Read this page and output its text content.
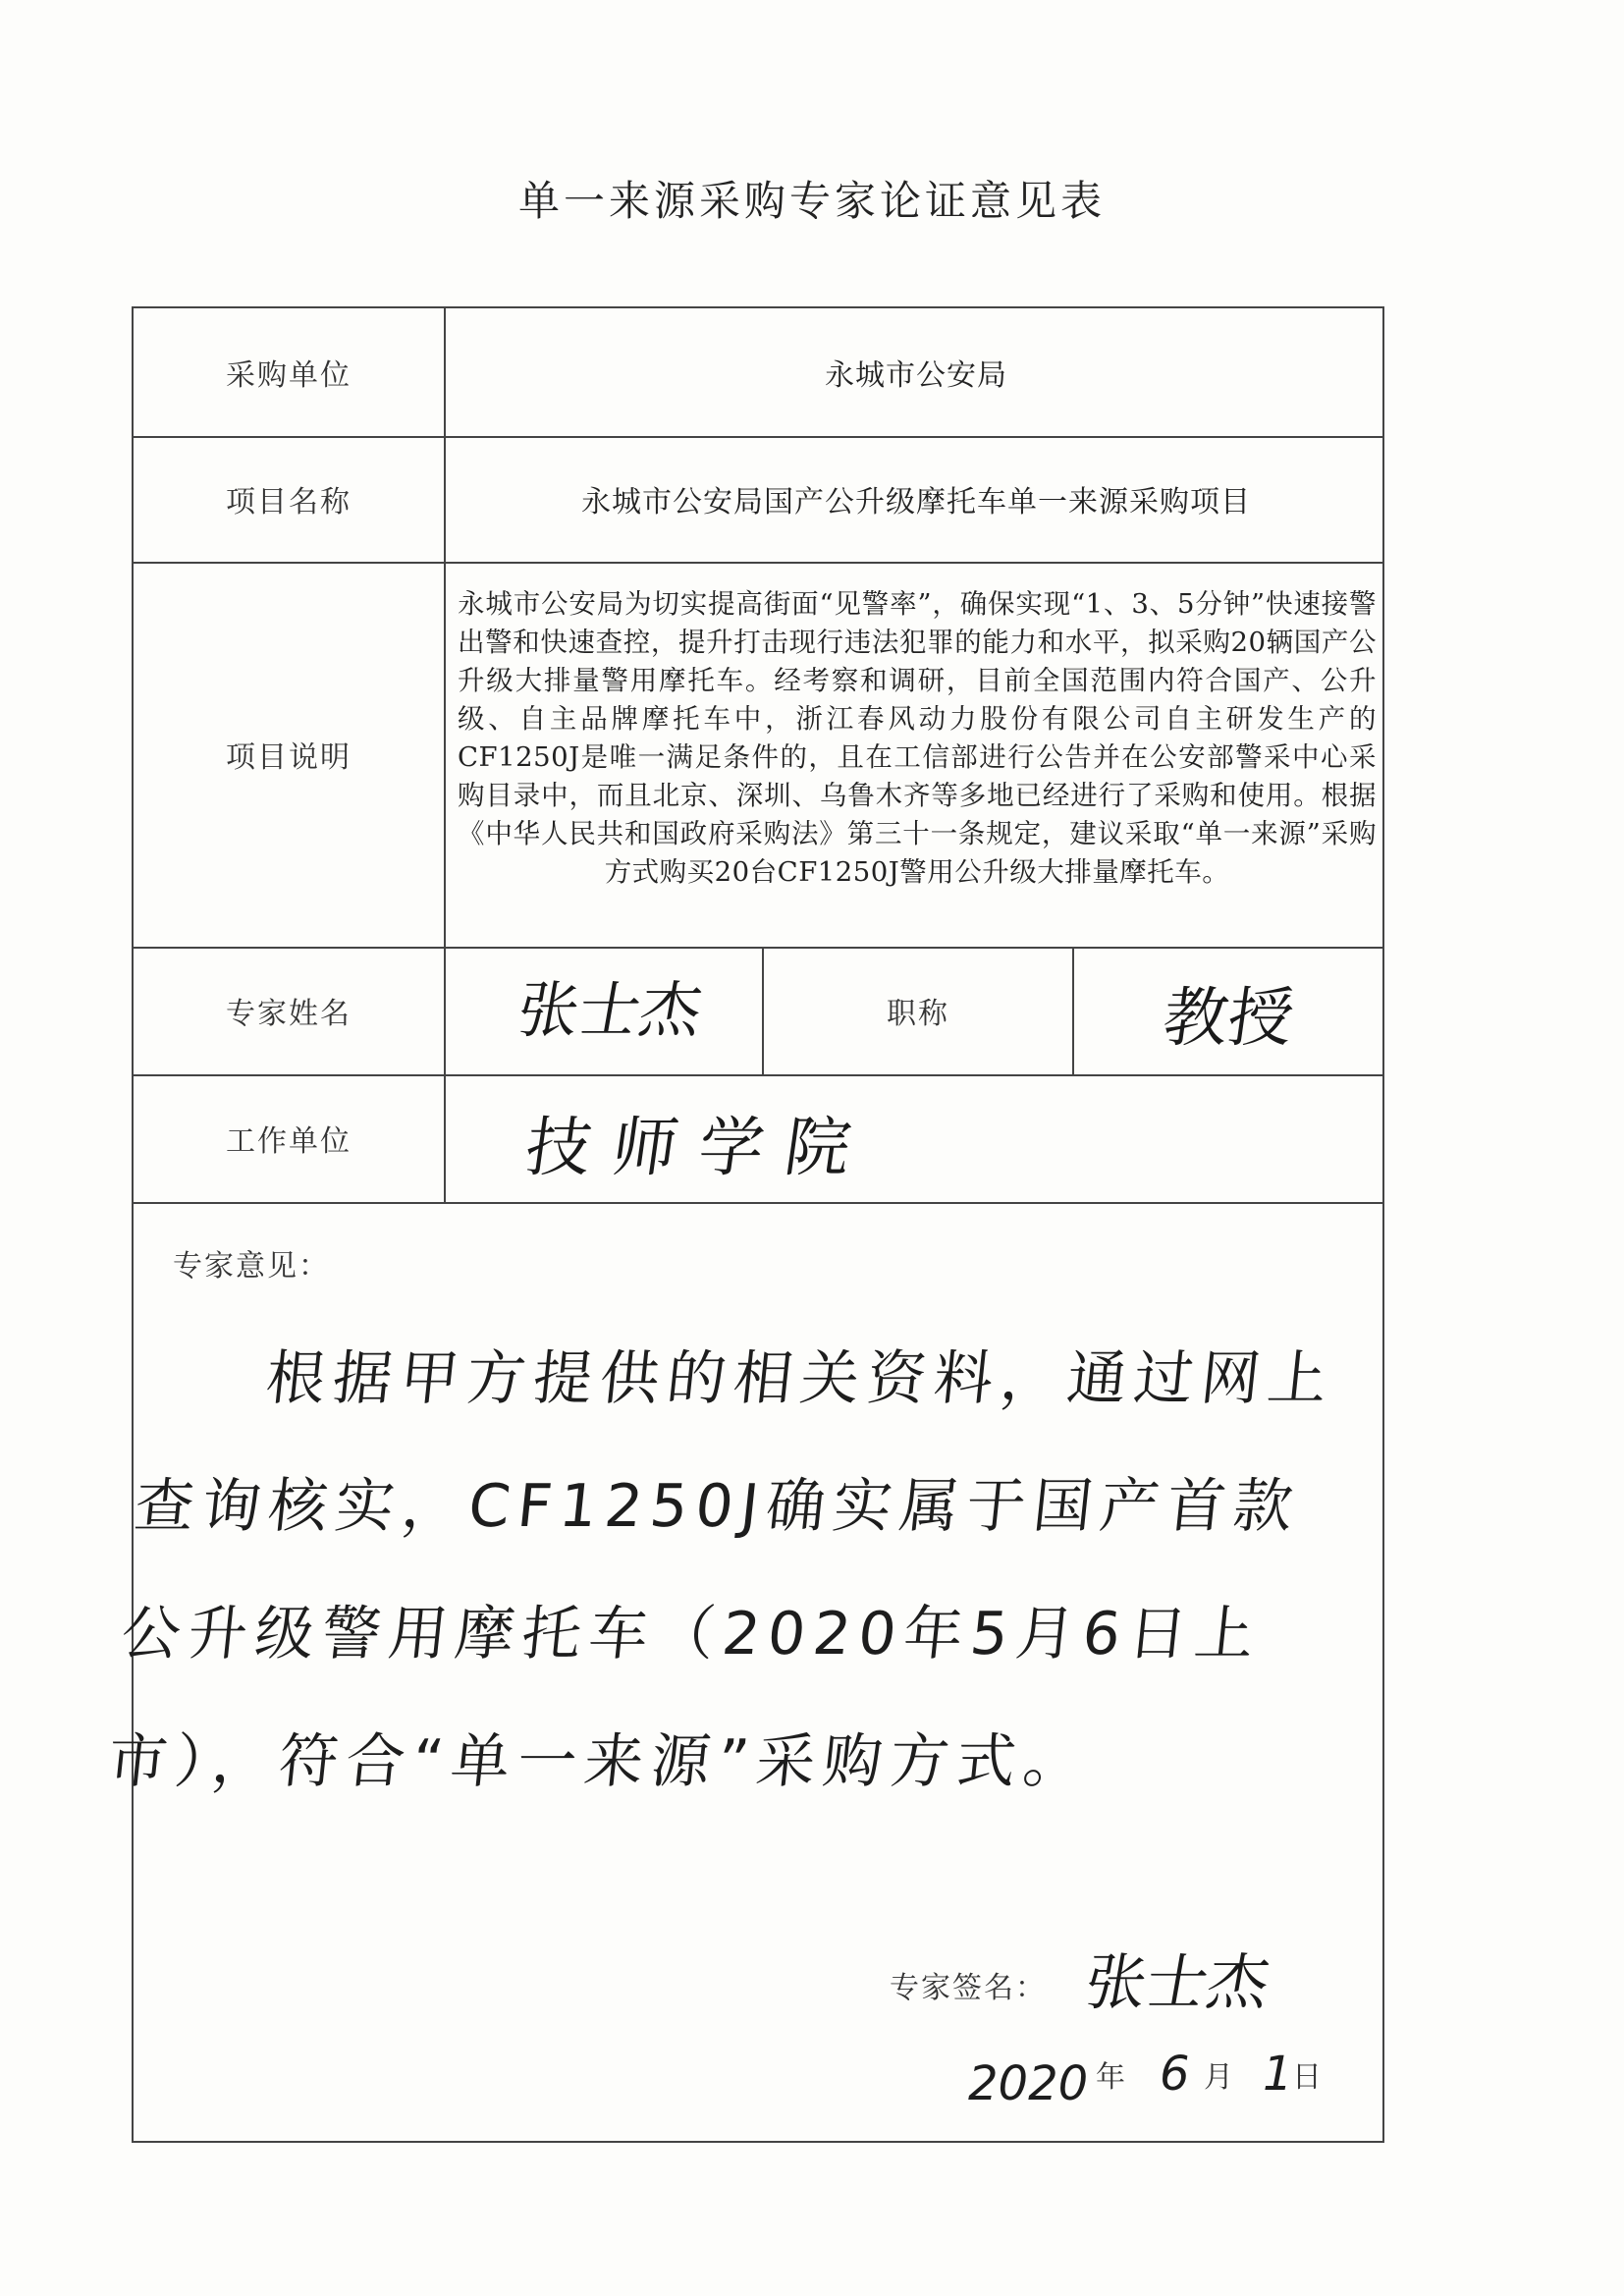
单一来源采购专家论证意见表
采购单位	永城市公安局
项目名称	永城市公安局国产公升级摩托车单一来源采购项目
项目说明
永城市公安局为切实提高街面“见警率”，确保实现“1、3、5分钟”快速接警出警和快速查控，提升打击现行违法犯罪的能力和水平，拟采购20辆国产公升级大排量警用摩托车。经考察和调研，目前全国范围内符合国产、公升级、自主品牌摩托车中，浙江春风动力股份有限公司自主研发生产的CF1250J是唯一满足条件的，且在工信部进行公告并在公安部警采中心采购目录中，而且北京、深圳、乌鲁木齐等多地已经进行了采购和使用。根据《中华人民共和国政府采购法》第三十一条规定，建议采取“单一来源”采购方式购买20台CF1250J警用公升级大排量摩托车。
专家姓名	张士杰	职称	教授
工作单位	技师学院
专家意见：
根据甲方提供的相关资料，通过网上查询核实，CF1250J确实属于国产首款公升级警用摩托车（2020年5月6日上市），符合“单一来源”采购方式。
专家签名： 张士杰
2020 年 6 月 1 日
